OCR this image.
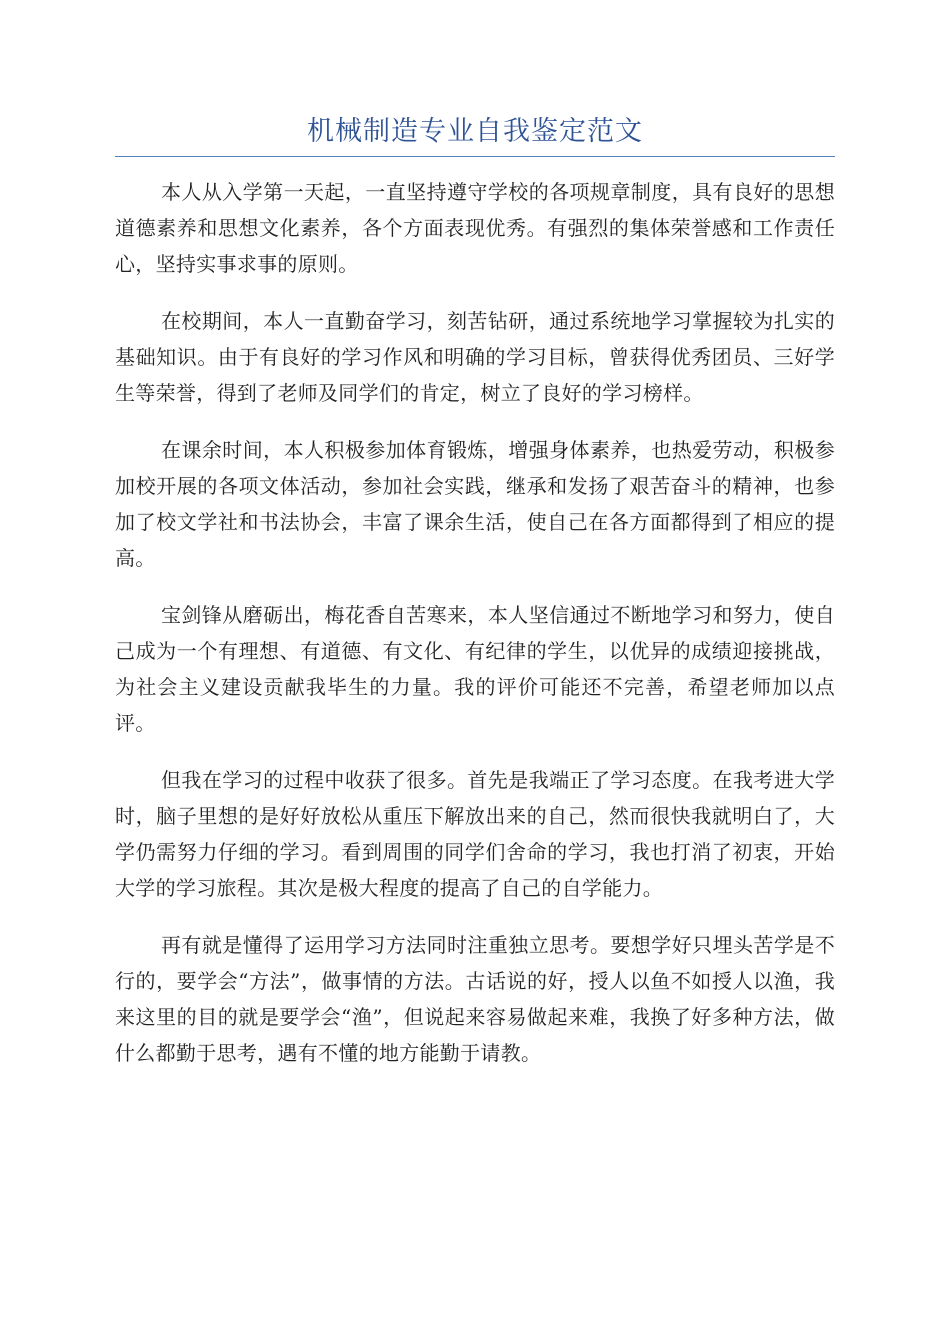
机械制造专业自我鉴定范文

本人从入学第一天起，一直坚持遵守学校的各项规章制度，具有良好的思想道德素养和思想文化素养，各个方面表现优秀。有强烈的集体荣誉感和工作责任心，坚持实事求事的原则。

在校期间，本人一直勤奋学习，刻苦钻研，通过系统地学习掌握较为扎实的基础知识。由于有良好的学习作风和明确的学习目标，曾获得优秀团员、三好学生等荣誉，得到了老师及同学们的肯定，树立了良好的学习榜样。

在课余时间，本人积极参加体育锻炼，增强身体素养，也热爱劳动，积极参加校开展的各项文体活动，参加社会实践，继承和发扬了艰苦奋斗的精神，也参加了校文学社和书法协会，丰富了课余生活，使自己在各方面都得到了相应的提高。

宝剑锋从磨砺出，梅花香自苦寒来，本人坚信通过不断地学习和努力，使自己成为一个有理想、有道德、有文化、有纪律的学生，以优异的成绩迎接挑战，为社会主义建设贡献我毕生的力量。我的评价可能还不完善，希望老师加以点评。

但我在学习的过程中收获了很多。首先是我端正了学习态度。在我考进大学时，脑子里想的是好好放松从重压下解放出来的自己，然而很快我就明白了，大学仍需努力仔细的学习。看到周围的同学们舍命的学习，我也打消了初衷，开始大学的学习旅程。其次是极大程度的提高了自己的自学能力。

再有就是懂得了运用学习方法同时注重独立思考。要想学好只埋头苦学是不行的，要学会“方法”，做事情的方法。古话说的好，授人以鱼不如授人以渔，我来这里的目的就是要学会“渔”，但说起来容易做起来难，我换了好多种方法，做什么都勤于思考，遇有不懂的地方能勤于请教。
